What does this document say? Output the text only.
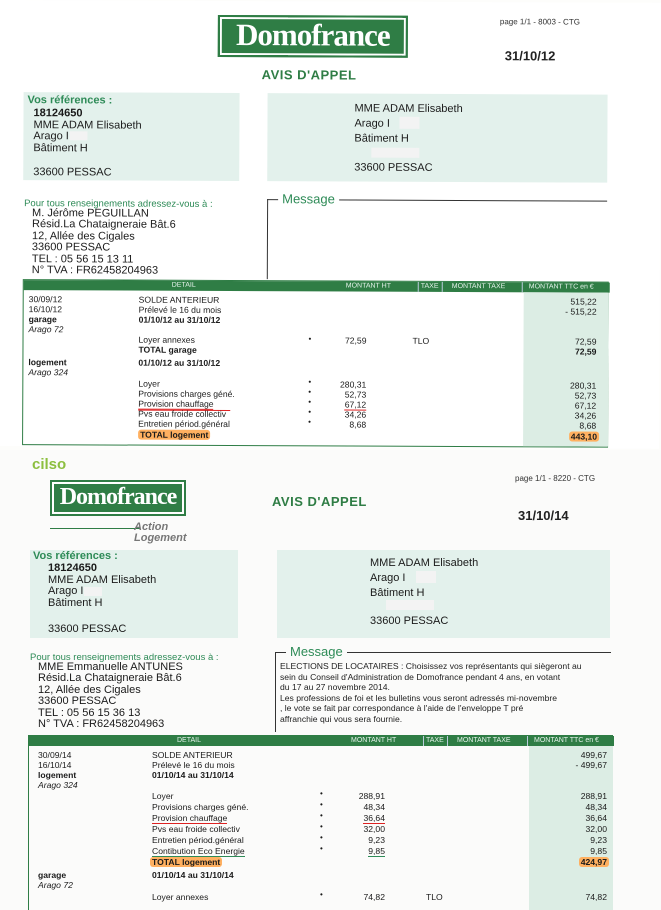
Domofrance
AVIS D'APPEL
page 1/1 - 8003 - CTG
31/10/12
Vos références :
18124650
MME ADAM Elisabeth
Arago I
Bâtiment H
33600 PESSAC
MME ADAM Elisabeth
Arago I
Bâtiment H
33600 PESSAC
Pour tous renseignements adressez-vous à :
M. Jérôme PEGUILLAN
Résid.La Chataigneraie Bât.6
12, Allée des Cigales
33600 PESSAC
TEL : 05 56 15 13 11
N° TVA : FR62458204963
Message
DETAIL	MONTANT HT	TAXE MONTANT TAXE	MONTANT TTC en €
30/09/12	SOLDE ANTERIEUR	515,22
16/10/12	Prélevé le 16 du mois	- 515,22
garage	01/10/12 au 31/10/12
Arago 72
Loyer annexes	•	72,59	TLO	72,59
TOTAL garage	72,59
logement	01/10/12 au 31/10/12
Arago 324
Loyer	•	280,31	280,31
Provisions charges géné.	•	52,73	52,73
Provision chauffage	•	67,12	67,12
Pvs eau froide collectiv	•	34,26	34,26
Entretien périod.général	•	8,68	8,68
TOTAL logement	443,10
cilso
Domofrance
Action Logement
AVIS D'APPEL
page 1/1 - 8220 - CTG
31/10/14
Vos références :
18124650
MME ADAM Elisabeth
Arago I
Bâtiment H
33600 PESSAC
MME ADAM Elisabeth
Arago I
Bâtiment H
33600 PESSAC
Pour tous renseignements adressez-vous à :
MME Emmanuelle ANTUNES
Résid.La Chataigneraie Bât.6
12, Allée des Cigales
33600 PESSAC
TEL : 05 56 15 36 13
N° TVA : FR62458204963
Message
ELECTIONS DE LOCATAIRES : Choisissez vos représentants qui siègeront au
sein du Conseil d'Administration de Domofrance pendant 4 ans, en votant
du 17 au 27 novembre 2014.
Les professions de foi et les bulletins vous seront adressés mi-novembre
, le vote se fait par correspondance à l'aide de l'enveloppe T pré
affranchie qui vous sera fournie.
DETAIL	MONTANT HT	TAXE MONTANT TAXE	MONTANT TTC en €
30/09/14	SOLDE ANTERIEUR	499,67
16/10/14	Prélevé le 16 du mois	- 499,67
logement	01/10/14 au 31/10/14
Arago 324
Loyer	•	288,91	288,91
Provisions charges géné.	•	48,34	48,34
Provision chauffage	•	36,64	36,64
Pvs eau froide collectiv	•	32,00	32,00
Entretien périod.général	•	9,23	9,23
Contibution Eco Energie	•	9,85	9,85
TOTAL logement	424,97
garage	01/10/14 au 31/10/14
Arago 72
Loyer annexes	•	74,82	TLO	74,82
